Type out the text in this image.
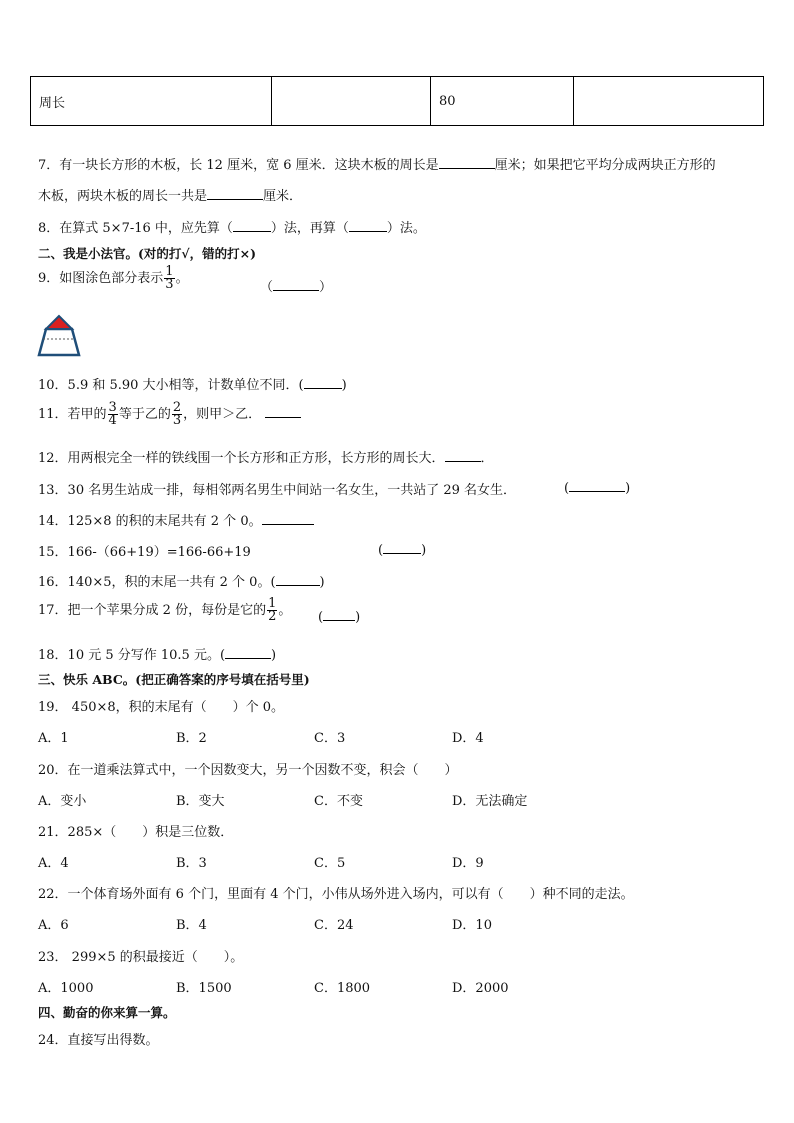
周长		80	
7．有一块长方形的木板，长 12 厘米，宽 6 厘米．这块木板的周长是	厘米；如果把它平均分成两块正方形的
木板，两块木板的周长一共是	厘米．
8．在算式 5×7-16 中，应先算（	）法，再算（	）法。
二、我是小法官。(对的打√，错的打×)
9．如图涂色部分表示 $\frac{1}{3}$ 。
（	）
10．5.9 和 5.90 大小相等，计数单位不同．(	)
11．若甲的 $\frac{3}{4}$ 等于乙的 $\frac{2}{3}$ ，则甲＞乙．
12．用两根完全一样的铁线围一个长方形和正方形，长方形的周长大．	．
13．30 名男生站成一排，每相邻两名男生中间站一名女生，一共站了 29 名女生．	(	)
14．125×8 的积的末尾共有 2 个 0。
15．166-（66+19）=166-66+19	(	)
16．140×5，积的末尾一共有 2 个 0。(	)
17．把一个苹果分成 2 份，每份是它的 $\frac{1}{2}$ 。 ( )
18．10 元 5 分写作 10.5 元。(	)
三、快乐 ABC。(把正确答案的序号填在括号里)
19． 450×8，积的末尾有（　　）个 0。
A．1	B．2	C．3	D．4
20．在一道乘法算式中，一个因数变大，另一个因数不变，积会（　　）
A．变小	B．变大	C．不变	D．无法确定
21．285×（　　）积是三位数．
A．4	B．3	C．5	D．9
22．一个体育场外面有 6 个门，里面有 4 个门，小伟从场外进入场内，可以有（　　）种不同的走法。
A．6	B．4	C．24	D．10
23． 299×5 的积最接近（　　）。
A．1000	B．1500	C．1800	D．2000
四、勤奋的你来算一算。
24．直接写出得数。
